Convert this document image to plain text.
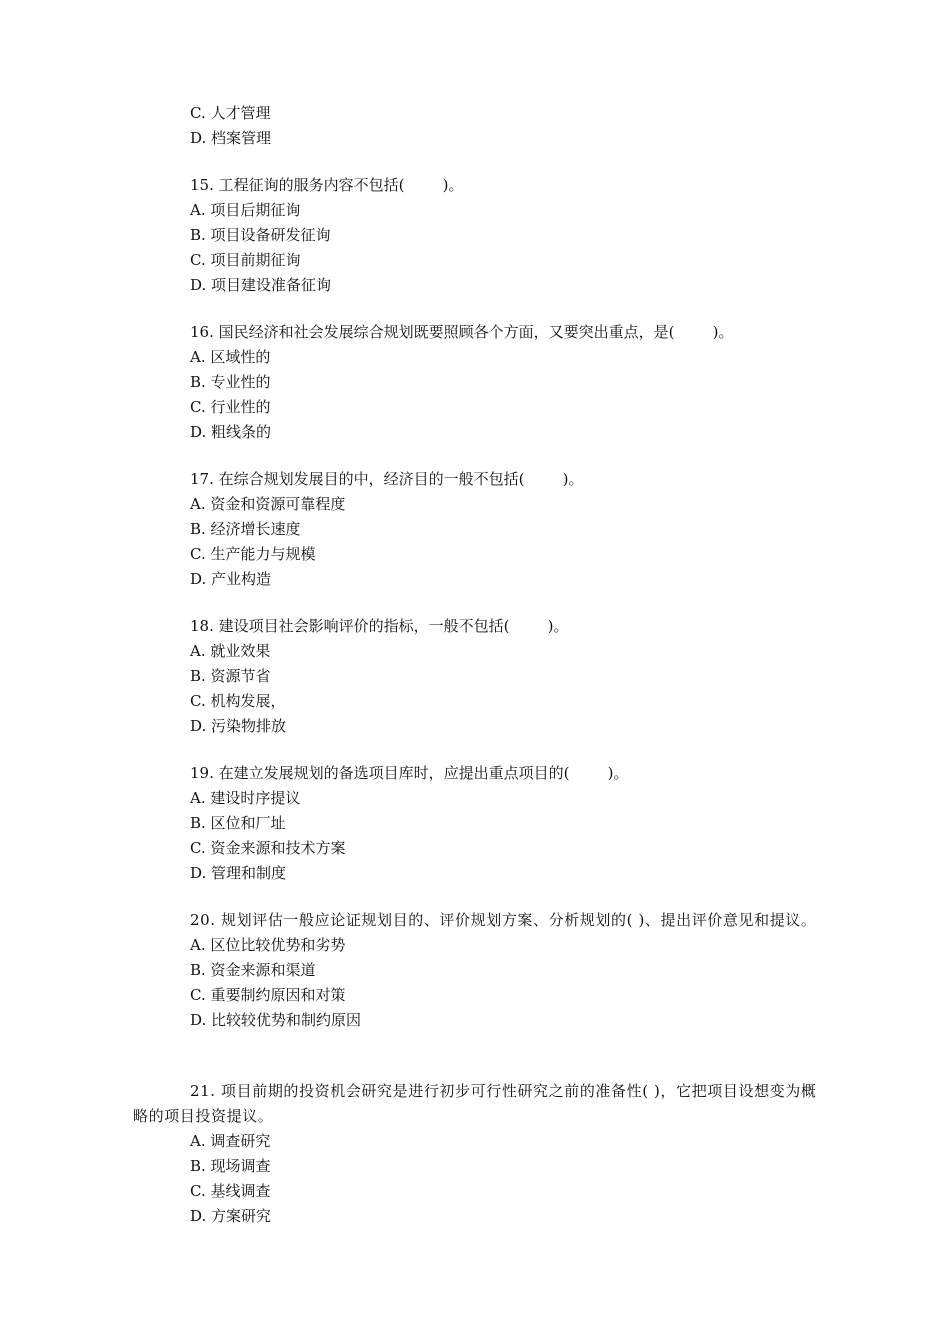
C. 人才管理
D. 档案管理
15. 工程征询的服务内容不包括(        )。
A. 项目后期征询
B. 项目设备研发征询
C. 项目前期征询
D. 项目建设准备征询
16. 国民经济和社会发展综合规划既要照顾各个方面，又要突出重点，是(        )。
A. 区域性的
B. 专业性的
C. 行业性的
D. 粗线条的
17. 在综合规划发展目的中，经济目的一般不包括(        )。
A. 资金和资源可靠程度
B. 经济增长速度
C. 生产能力与规模
D. 产业构造
18. 建设项目社会影响评价的指标，一般不包括(        )。
A. 就业效果
B. 资源节省
C. 机构发展，
D. 污染物排放
19. 在建立发展规划的备选项目库时，应提出重点项目的(        )。
A. 建设时序提议
B. 区位和厂址
C. 资金来源和技术方案
D. 管理和制度
20. 规划评估一般应论证规划目的、评价规划方案、分析规划的( )、提出评价意见和提议。
A. 区位比较优势和劣势
B. 资金来源和渠道
C. 重要制约原因和对策
D. 比较较优势和制约原因
21. 项目前期的投资机会研究是进行初步可行性研究之前的准备性( )，它把项目设想变为概略的项目投资提议。
A. 调查研究
B. 现场调查
C. 基线调查
D. 方案研究
